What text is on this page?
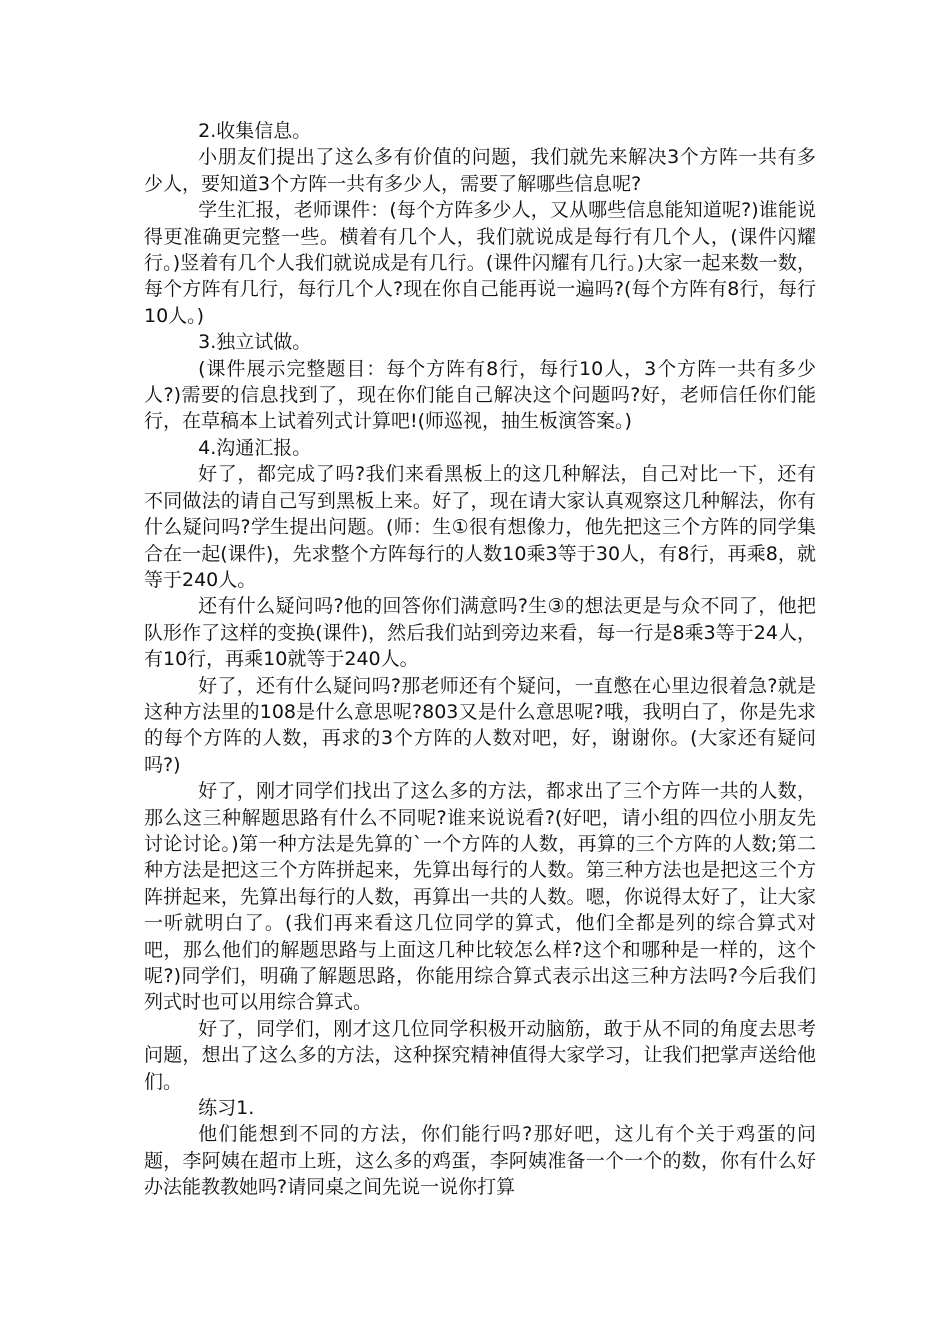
2.收集信息。

小朋友们提出了这么多有价值的问题，我们就先来解决3个方阵一共有多少人，要知道3个方阵一共有多少人，需要了解哪些信息呢?

学生汇报，老师课件：(每个方阵多少人，又从哪些信息能知道呢?)谁能说得更准确更完整一些。横着有几个人，我们就说成是每行有几个人，(课件闪耀行。)竖着有几个人我们就说成是有几行。(课件闪耀有几行。)大家一起来数一数，每个方阵有几行，每行几个人?现在你自己能再说一遍吗?(每个方阵有8行，每行10人。)

3.独立试做。

(课件展示完整题目：每个方阵有8行，每行10人，3个方阵一共有多少人?)需要的信息找到了，现在你们能自己解决这个问题吗?好，老师信任你们能行，在草稿本上试着列式计算吧!(师巡视，抽生板演答案。)

4.沟通汇报。

好了，都完成了吗?我们来看黑板上的这几种解法，自己对比一下，还有不同做法的请自己写到黑板上来。好了，现在请大家认真观察这几种解法，你有什么疑问吗?学生提出问题。(师：生①很有想像力，他先把这三个方阵的同学集合在一起(课件)，先求整个方阵每行的人数10乘3等于30人，有8行，再乘8，就等于240人。

还有什么疑问吗?他的回答你们满意吗?生③的想法更是与众不同了，他把队形作了这样的变换(课件)，然后我们站到旁边来看，每一行是8乘3等于24人，有10行，再乘10就等于240人。

好了，还有什么疑问吗?那老师还有个疑问，一直憋在心里边很着急?就是这种方法里的108是什么意思呢?803又是什么意思呢?哦，我明白了，你是先求的每个方阵的人数，再求的3个方阵的人数对吧，好，谢谢你。(大家还有疑问吗?)

好了，刚才同学们找出了这么多的方法，都求出了三个方阵一共的人数，那么这三种解题思路有什么不同呢?谁来说说看?(好吧，请小组的四位小朋友先讨论讨论。)第一种方法是先算的`一个方阵的人数，再算的三个方阵的人数;第二种方法是把这三个方阵拼起来，先算出每行的人数。第三种方法也是把这三个方阵拼起来，先算出每行的人数，再算出一共的人数。嗯，你说得太好了，让大家一听就明白了。(我们再来看这几位同学的算式，他们全都是列的综合算式对吧，那么他们的解题思路与上面这几种比较怎么样?这个和哪种是一样的，这个呢?)同学们，明确了解题思路，你能用综合算式表示出这三种方法吗?今后我们列式时也可以用综合算式。

好了，同学们，刚才这几位同学积极开动脑筋，敢于从不同的角度去思考问题，想出了这么多的方法，这种探究精神值得大家学习，让我们把掌声送给他们。

练习1.

他们能想到不同的方法，你们能行吗?那好吧，这儿有个关于鸡蛋的问题，李阿姨在超市上班，这么多的鸡蛋，李阿姨准备一个一个的数，你有什么好办法能教教她吗?请同桌之间先说一说你打算
